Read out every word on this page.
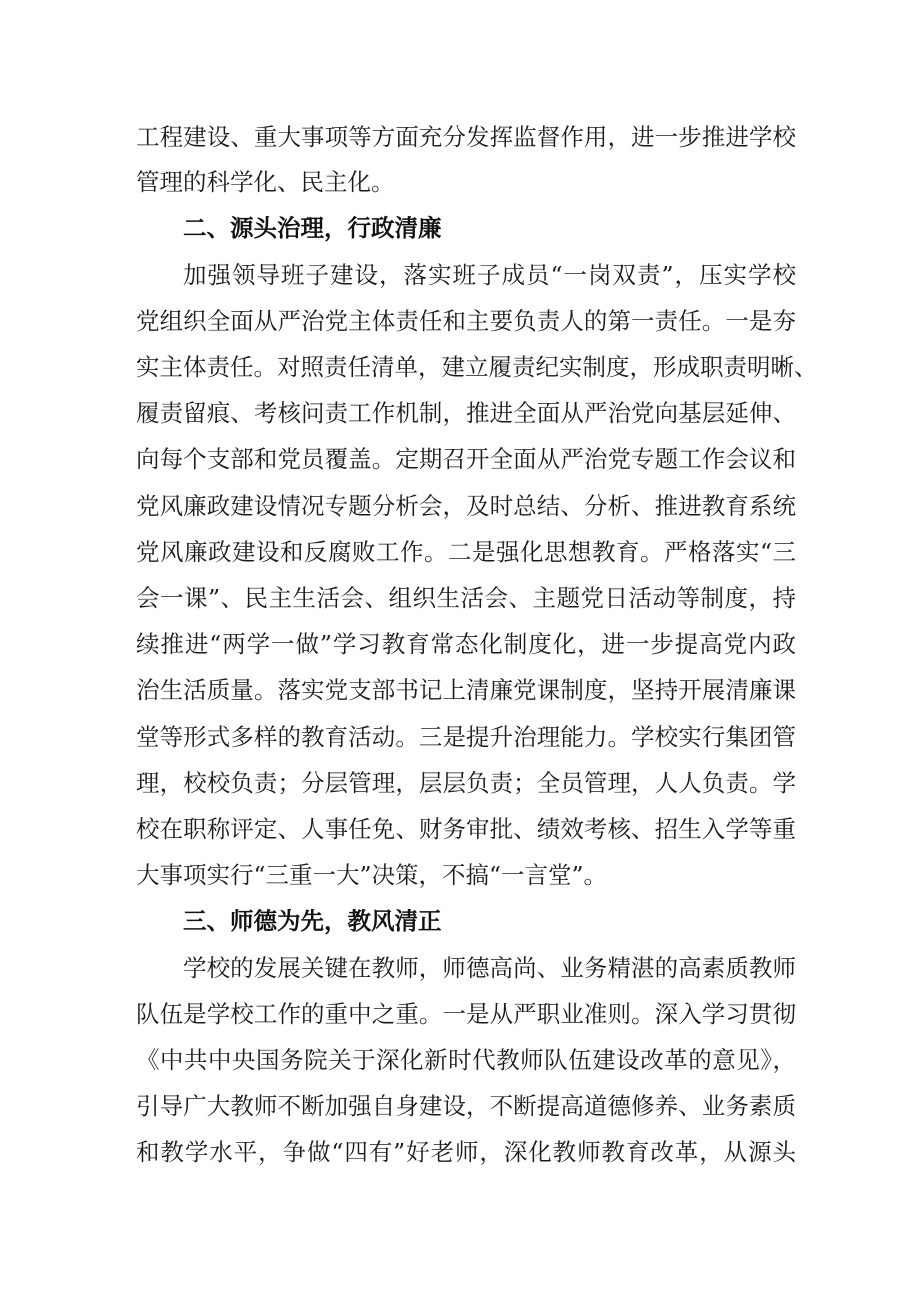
工程建设、重大事项等方面充分发挥监督作用，进一步推进学校
管理的科学化、民主化。
二、源头治理，行政清廉
加强领导班子建设，落实班子成员“一岗双责”，压实学校
党组织全面从严治党主体责任和主要负责人的第一责任。一是夯
实主体责任。对照责任清单，建立履责纪实制度，形成职责明晰、
履责留痕、考核问责工作机制，推进全面从严治党向基层延伸、
向每个支部和党员覆盖。定期召开全面从严治党专题工作会议和
党风廉政建设情况专题分析会，及时总结、分析、推进教育系统
党风廉政建设和反腐败工作。二是强化思想教育。严格落实“三
会一课”、民主生活会、组织生活会、主题党日活动等制度，持
续推进“两学一做”学习教育常态化制度化，进一步提高党内政
治生活质量。落实党支部书记上清廉党课制度，坚持开展清廉课
堂等形式多样的教育活动。三是提升治理能力。学校实行集团管
理，校校负责；分层管理，层层负责；全员管理，人人负责。学
校在职称评定、人事任免、财务审批、绩效考核、招生入学等重
大事项实行“三重一大”决策，不搞“一言堂”。
三、师德为先，教风清正
学校的发展关键在教师，师德高尚、业务精湛的高素质教师
队伍是学校工作的重中之重。一是从严职业准则。深入学习贯彻
《中共中央国务院关于深化新时代教师队伍建设改革的意见》，
引导广大教师不断加强自身建设，不断提高道德修养、业务素质
和教学水平，争做“四有”好老师，深化教师教育改革，从源头
